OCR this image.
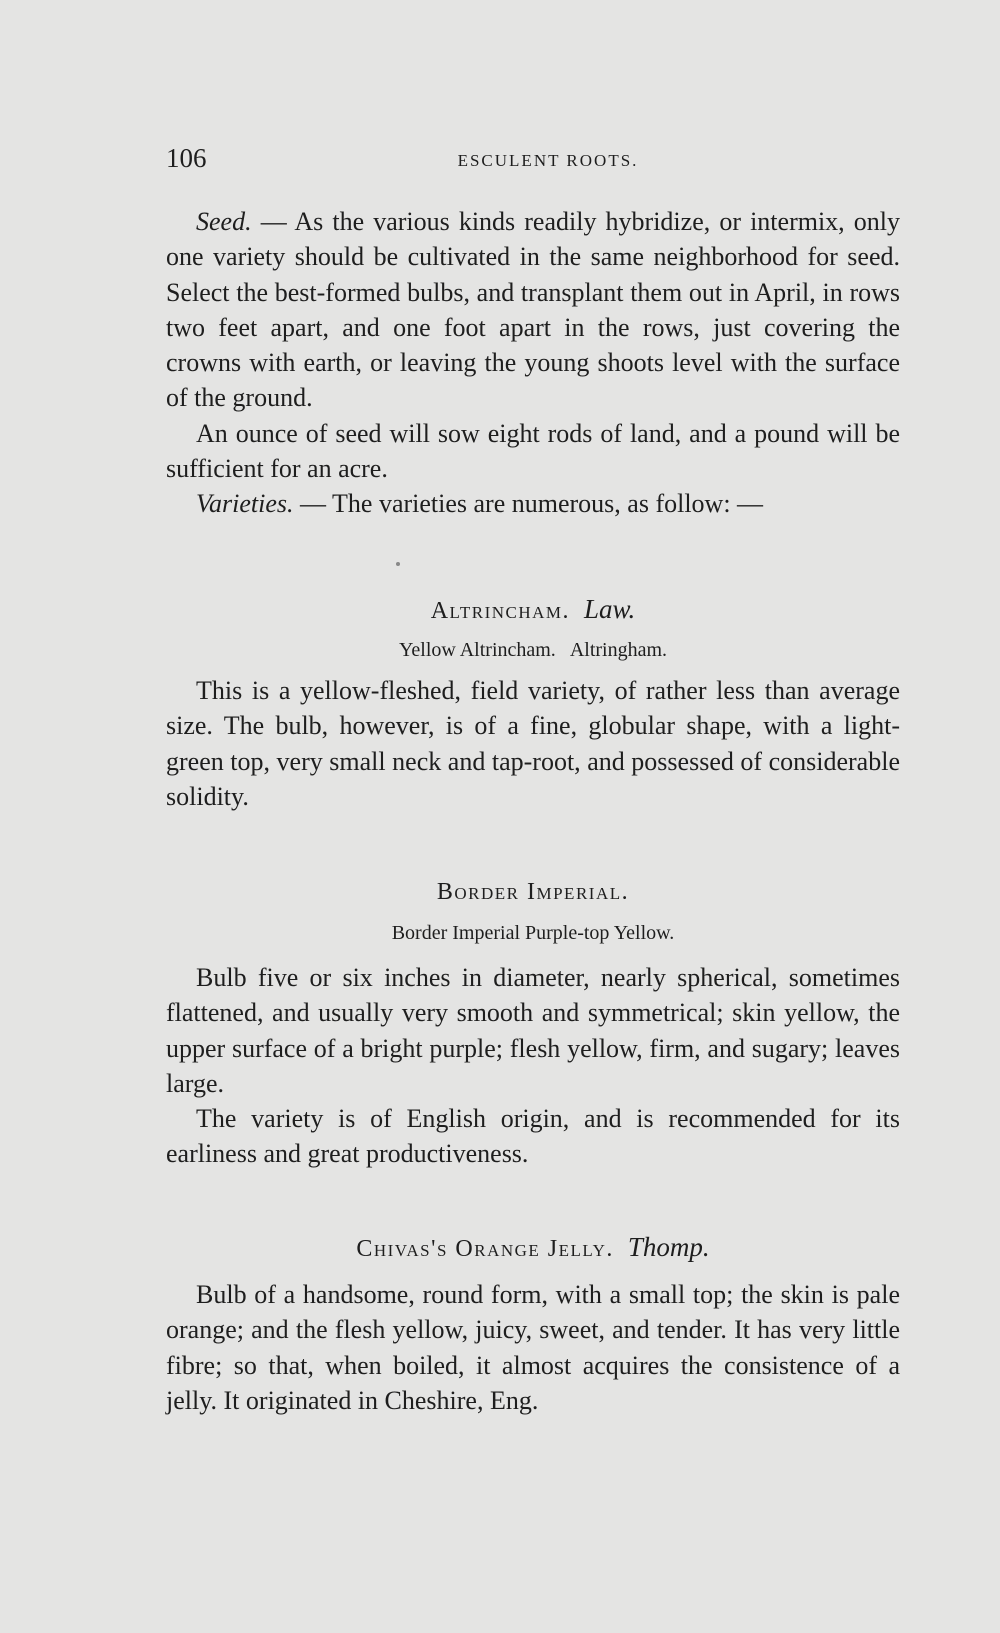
106	ESCULENT ROOTS.

Seed. — As the various kinds readily hybridize, or intermix, only one variety should be cultivated in the same neighborhood for seed. Select the best-formed bulbs, and transplant them out in April, in rows two feet apart, and one foot apart in the rows, just covering the crowns with earth, or leaving the young shoots level with the surface of the ground.

An ounce of seed will sow eight rods of land, and a pound will be sufficient for an acre.

Varieties. — The varieties are numerous, as follow: —

Altrincham. Law.
Yellow Altrincham. Altringham.

This is a yellow-fleshed, field variety, of rather less than average size. The bulb, however, is of a fine, globular shape, with a light-green top, very small neck and tap-root, and possessed of considerable solidity.

Border Imperial.
Border Imperial Purple-top Yellow.

Bulb five or six inches in diameter, nearly spherical, sometimes flattened, and usually very smooth and symmetrical; skin yellow, the upper surface of a bright purple; flesh yellow, firm, and sugary; leaves large.

The variety is of English origin, and is recommended for its earliness and great productiveness.

Chivas's Orange Jelly. Thomp.

Bulb of a handsome, round form, with a small top; the skin is pale orange; and the flesh yellow, juicy, sweet, and tender. It has very little fibre; so that, when boiled, it almost acquires the consistence of a jelly. It originated in Cheshire, Eng.
